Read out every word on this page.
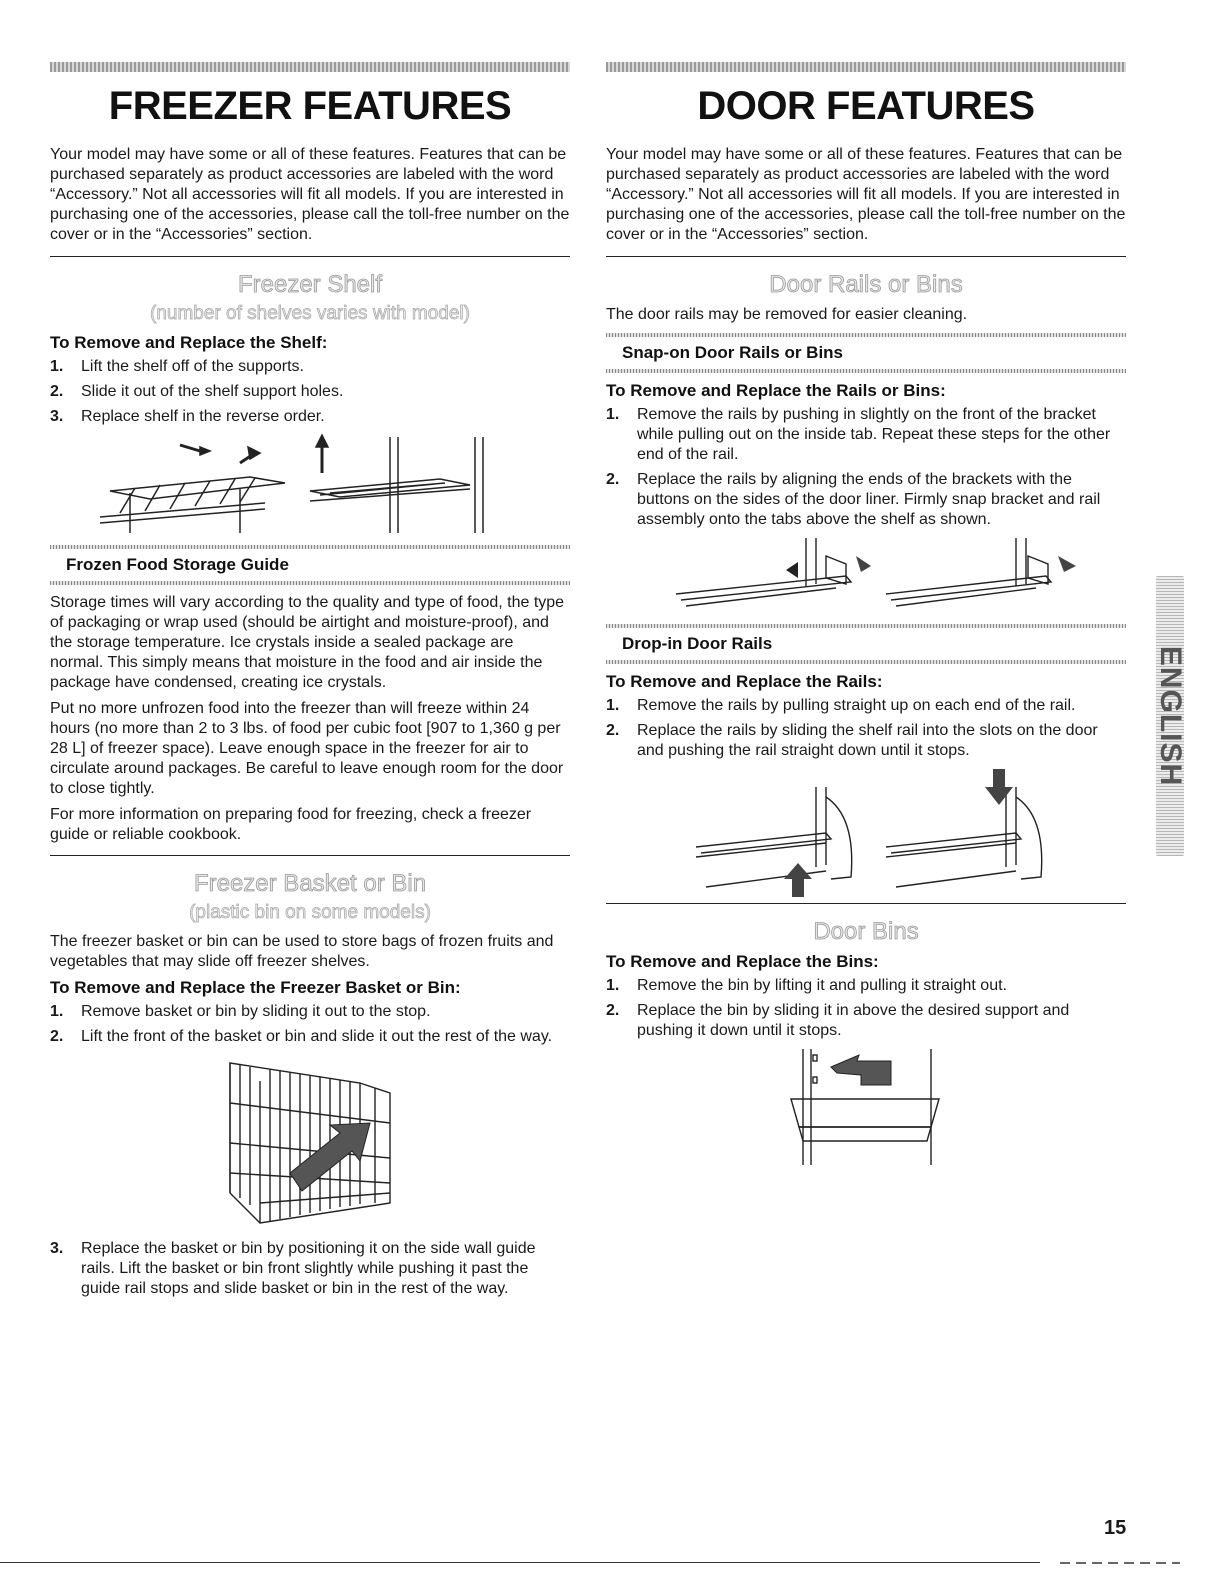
FREEZER FEATURES

Your model may have some or all of these features. Features that can be purchased separately as product accessories are labeled with the word “Accessory.” Not all accessories will fit all models. If you are interested in purchasing one of the accessories, please call the toll-free number on the cover or in the “Accessories” section.

Freezer Shelf
(number of shelves varies with model)
To Remove and Replace the Shelf:
1. Lift the shelf off of the supports.
2. Slide it out of the shelf support holes.
3. Replace shelf in the reverse order.
Frozen Food Storage Guide

Storage times will vary according to the quality and type of food, the type of packaging or wrap used (should be airtight and moisture-proof), and the storage temperature. Ice crystals inside a sealed package are normal. This simply means that moisture in the food and air inside the package have condensed, creating ice crystals.

Put no more unfrozen food into the freezer than will freeze within 24 hours (no more than 2 to 3 lbs. of food per cubic foot [907 to 1,360 g per 28 L] of freezer space). Leave enough space in the freezer for air to circulate around packages. Be careful to leave enough room for the door to close tightly.

For more information on preparing food for freezing, check a freezer guide or reliable cookbook.

Freezer Basket or Bin
(plastic bin on some models)

The freezer basket or bin can be used to store bags of frozen fruits and vegetables that may slide off freezer shelves.

To Remove and Replace the Freezer Basket or Bin:
1. Remove basket or bin by sliding it out to the stop.
2. Lift the front of the basket or bin and slide it out the rest of the way.
3. Replace the basket or bin by positioning it on the side wall guide rails. Lift the basket or bin front slightly while pushing it past the guide rail stops and slide basket or bin in the rest of the way.
DOOR FEATURES

Your model may have some or all of these features. Features that can be purchased separately as product accessories are labeled with the word “Accessory.” Not all accessories will fit all models. If you are interested in purchasing one of the accessories, please call the toll-free number on the cover or in the “Accessories” section.

Door Rails or Bins

The door rails may be removed for easier cleaning.

Snap-on Door Rails or Bins
To Remove and Replace the Rails or Bins:
1. Remove the rails by pushing in slightly on the front of the bracket while pulling out on the inside tab. Repeat these steps for the other end of the rail.
2. Replace the rails by aligning the ends of the brackets with the buttons on the sides of the door liner. Firmly snap bracket and rail assembly onto the tabs above the shelf as shown.
Drop-in Door Rails
To Remove and Replace the Rails:
1. Remove the rails by pulling straight up on each end of the rail.
2. Replace the rails by sliding the shelf rail into the slots on the door and pushing the rail straight down until it stops.
Door Bins
To Remove and Replace the Bins:
1. Remove the bin by lifting it and pulling it straight out.
2. Replace the bin by sliding it in above the desired support and pushing it down until it stops.
ENGLISH
15
